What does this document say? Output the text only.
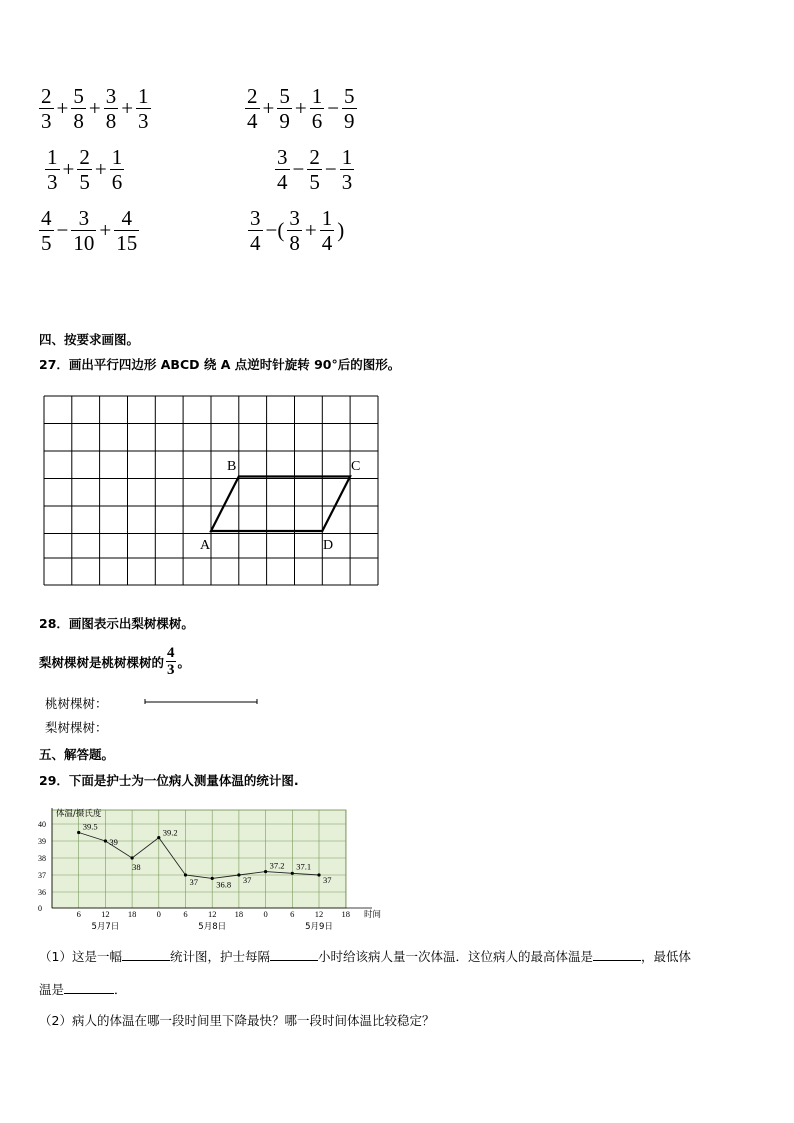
$\frac{2}{3} + \frac{5}{8} + \frac{3}{8} + \frac{1}{3}$	$\frac{2}{4} + \frac{5}{9} + \frac{1}{6} - \frac{5}{9}$
$\frac{1}{3} + \frac{2}{5} + \frac{1}{6}$	$\frac{3}{4} - \frac{2}{5} - \frac{1}{3}$
$\frac{4}{5} - \frac{3}{10} + \frac{4}{15}$	$\frac{3}{4}$ −( $\frac{3}{8} + \frac{1}{4}$ )
四、按要求画图。
27．画出平行四边形 ABCD 绕 A 点逆时针旋转 90°后的图形。
A
B	C
D
28．画图表示出梨树棵树。
梨树棵树是桃树棵树的 $\frac{4}{3}$ 。
桃树棵树：
梨树棵树：
五、解答题。
29．下面是护士为一位病人测量体温的统计图.
39.5
39
38
39.2
37 36.8 37
37.2 37.1
37
0
36
37
38
39
40
6 12 18 0	6 12 18 0	6 12 18
5月7日	5月8日	5月9日
体温/摄氏度
时间
（1）这是一幅	统计图，护士每隔	小时给该病人量一次体温．这位病人的最高体温是	，最低体
温是	．
（2）病人的体温在哪一段时间里下降最快？哪一段时间体温比较稳定？
